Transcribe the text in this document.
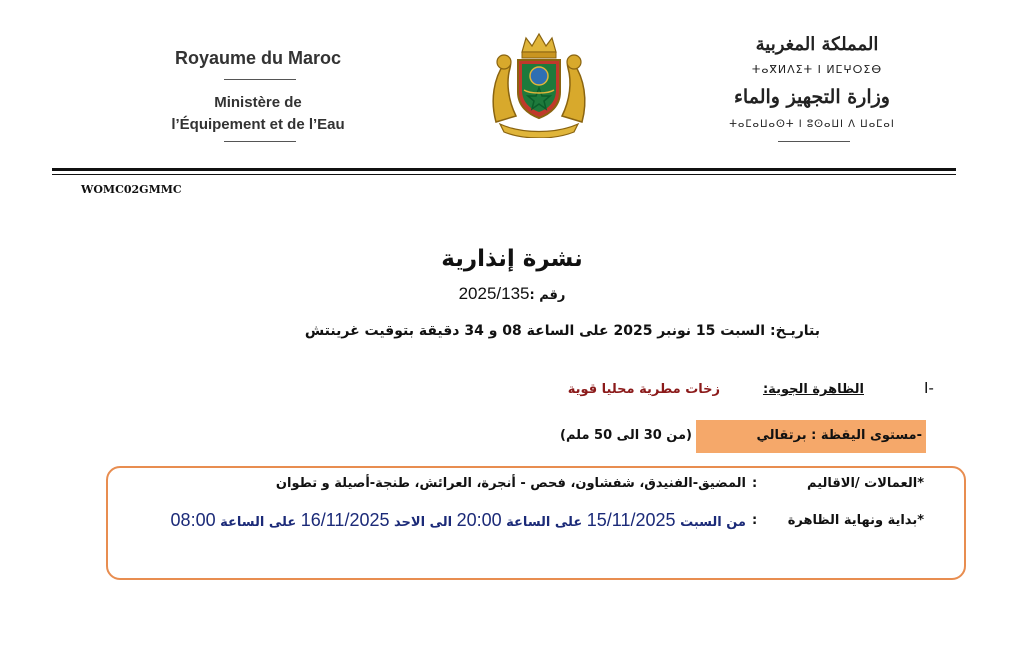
Royaume du Maroc
Ministère de
l’Équipement et de l’Eau
المملكة المغربية
ⵜⴰⴳⵍⴷⵉⵜ ⵏ ⵍⵎⵖⵔⵉⴱ
وزارة التجهيز والماء
ⵜⴰⵎⴰⵡⴰⵙⵜ ⵏ ⵓⵙⴰⵡⵏ ⴷ ⵡⴰⵎⴰⵏ
WOMC02GMMC
نشرة إنذارية
رقم :2025/135
بتاريـخ: السبت 15 نونبر 2025 على الساعة 08 و 34 دقيقة بتوقيت غرينتش
I-
الظاهرة الجوية:
زخات مطرية محليا قوية
-مستوى اليقظة : برتقالي
(من 30 الى 50 ملم)
*العمالات /الاقاليم
:
المضيق-الفنيدق، شفشاون، فحص - أنجرة، العرائش، طنجة-أصيلة و تطوان
*بداية ونهاية الظاهرة
:
من السبت 15/11/2025 على الساعة 20:00 الى الاحد 16/11/2025 على الساعة 08:00
